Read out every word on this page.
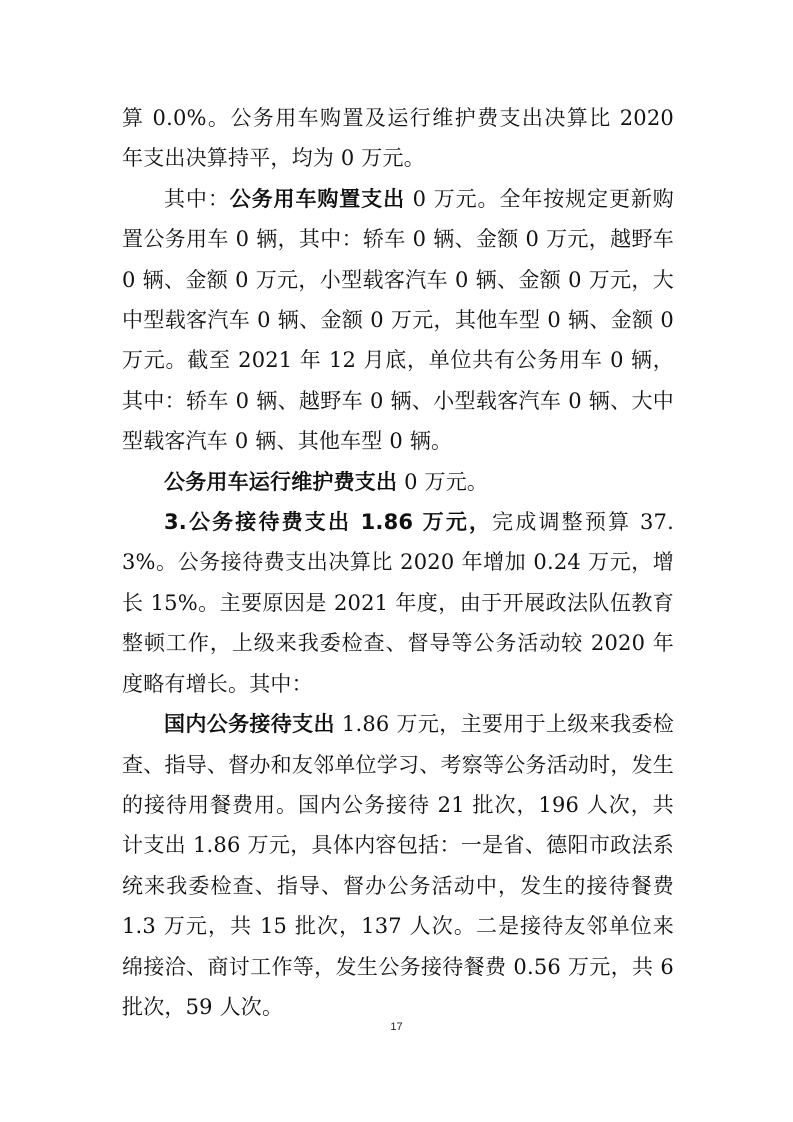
算 0.0%。公务用车购置及运行维护费支出决算比 2020 年支出决算持平，均为 0 万元。

其中：公务用车购置支出 0 万元。全年按规定更新购置公务用车 0 辆，其中：轿车 0 辆、金额 0 万元，越野车 0 辆、金额 0 万元，小型载客汽车 0 辆、金额 0 万元，大中型载客汽车 0 辆、金额 0 万元，其他车型 0 辆、金额 0 万元。截至 2021 年 12 月底，单位共有公务用车 0 辆，其中：轿车 0 辆、越野车 0 辆、小型载客汽车 0 辆、大中型载客汽车 0 辆、其他车型 0 辆。

公务用车运行维护费支出 0 万元。

3.公务接待费支出 1.86 万元，完成调整预算 37.3%。公务接待费支出决算比 2020 年增加 0.24 万元，增长 15%。主要原因是 2021 年度，由于开展政法队伍教育整顿工作，上级来我委检查、督导等公务活动较 2020 年度略有增长。其中：

国内公务接待支出 1.86 万元，主要用于上级来我委检查、指导、督办和友邻单位学习、考察等公务活动时，发生的接待用餐费用。国内公务接待 21 批次，196 人次，共计支出 1.86 万元，具体内容包括：一是省、德阳市政法系统来我委检查、指导、督办公务活动中，发生的接待餐费 1.3 万元，共 15 批次，137 人次。二是接待友邻单位来绵接洽、商讨工作等，发生公务接待餐费 0.56 万元，共 6 批次，59 人次。

17
